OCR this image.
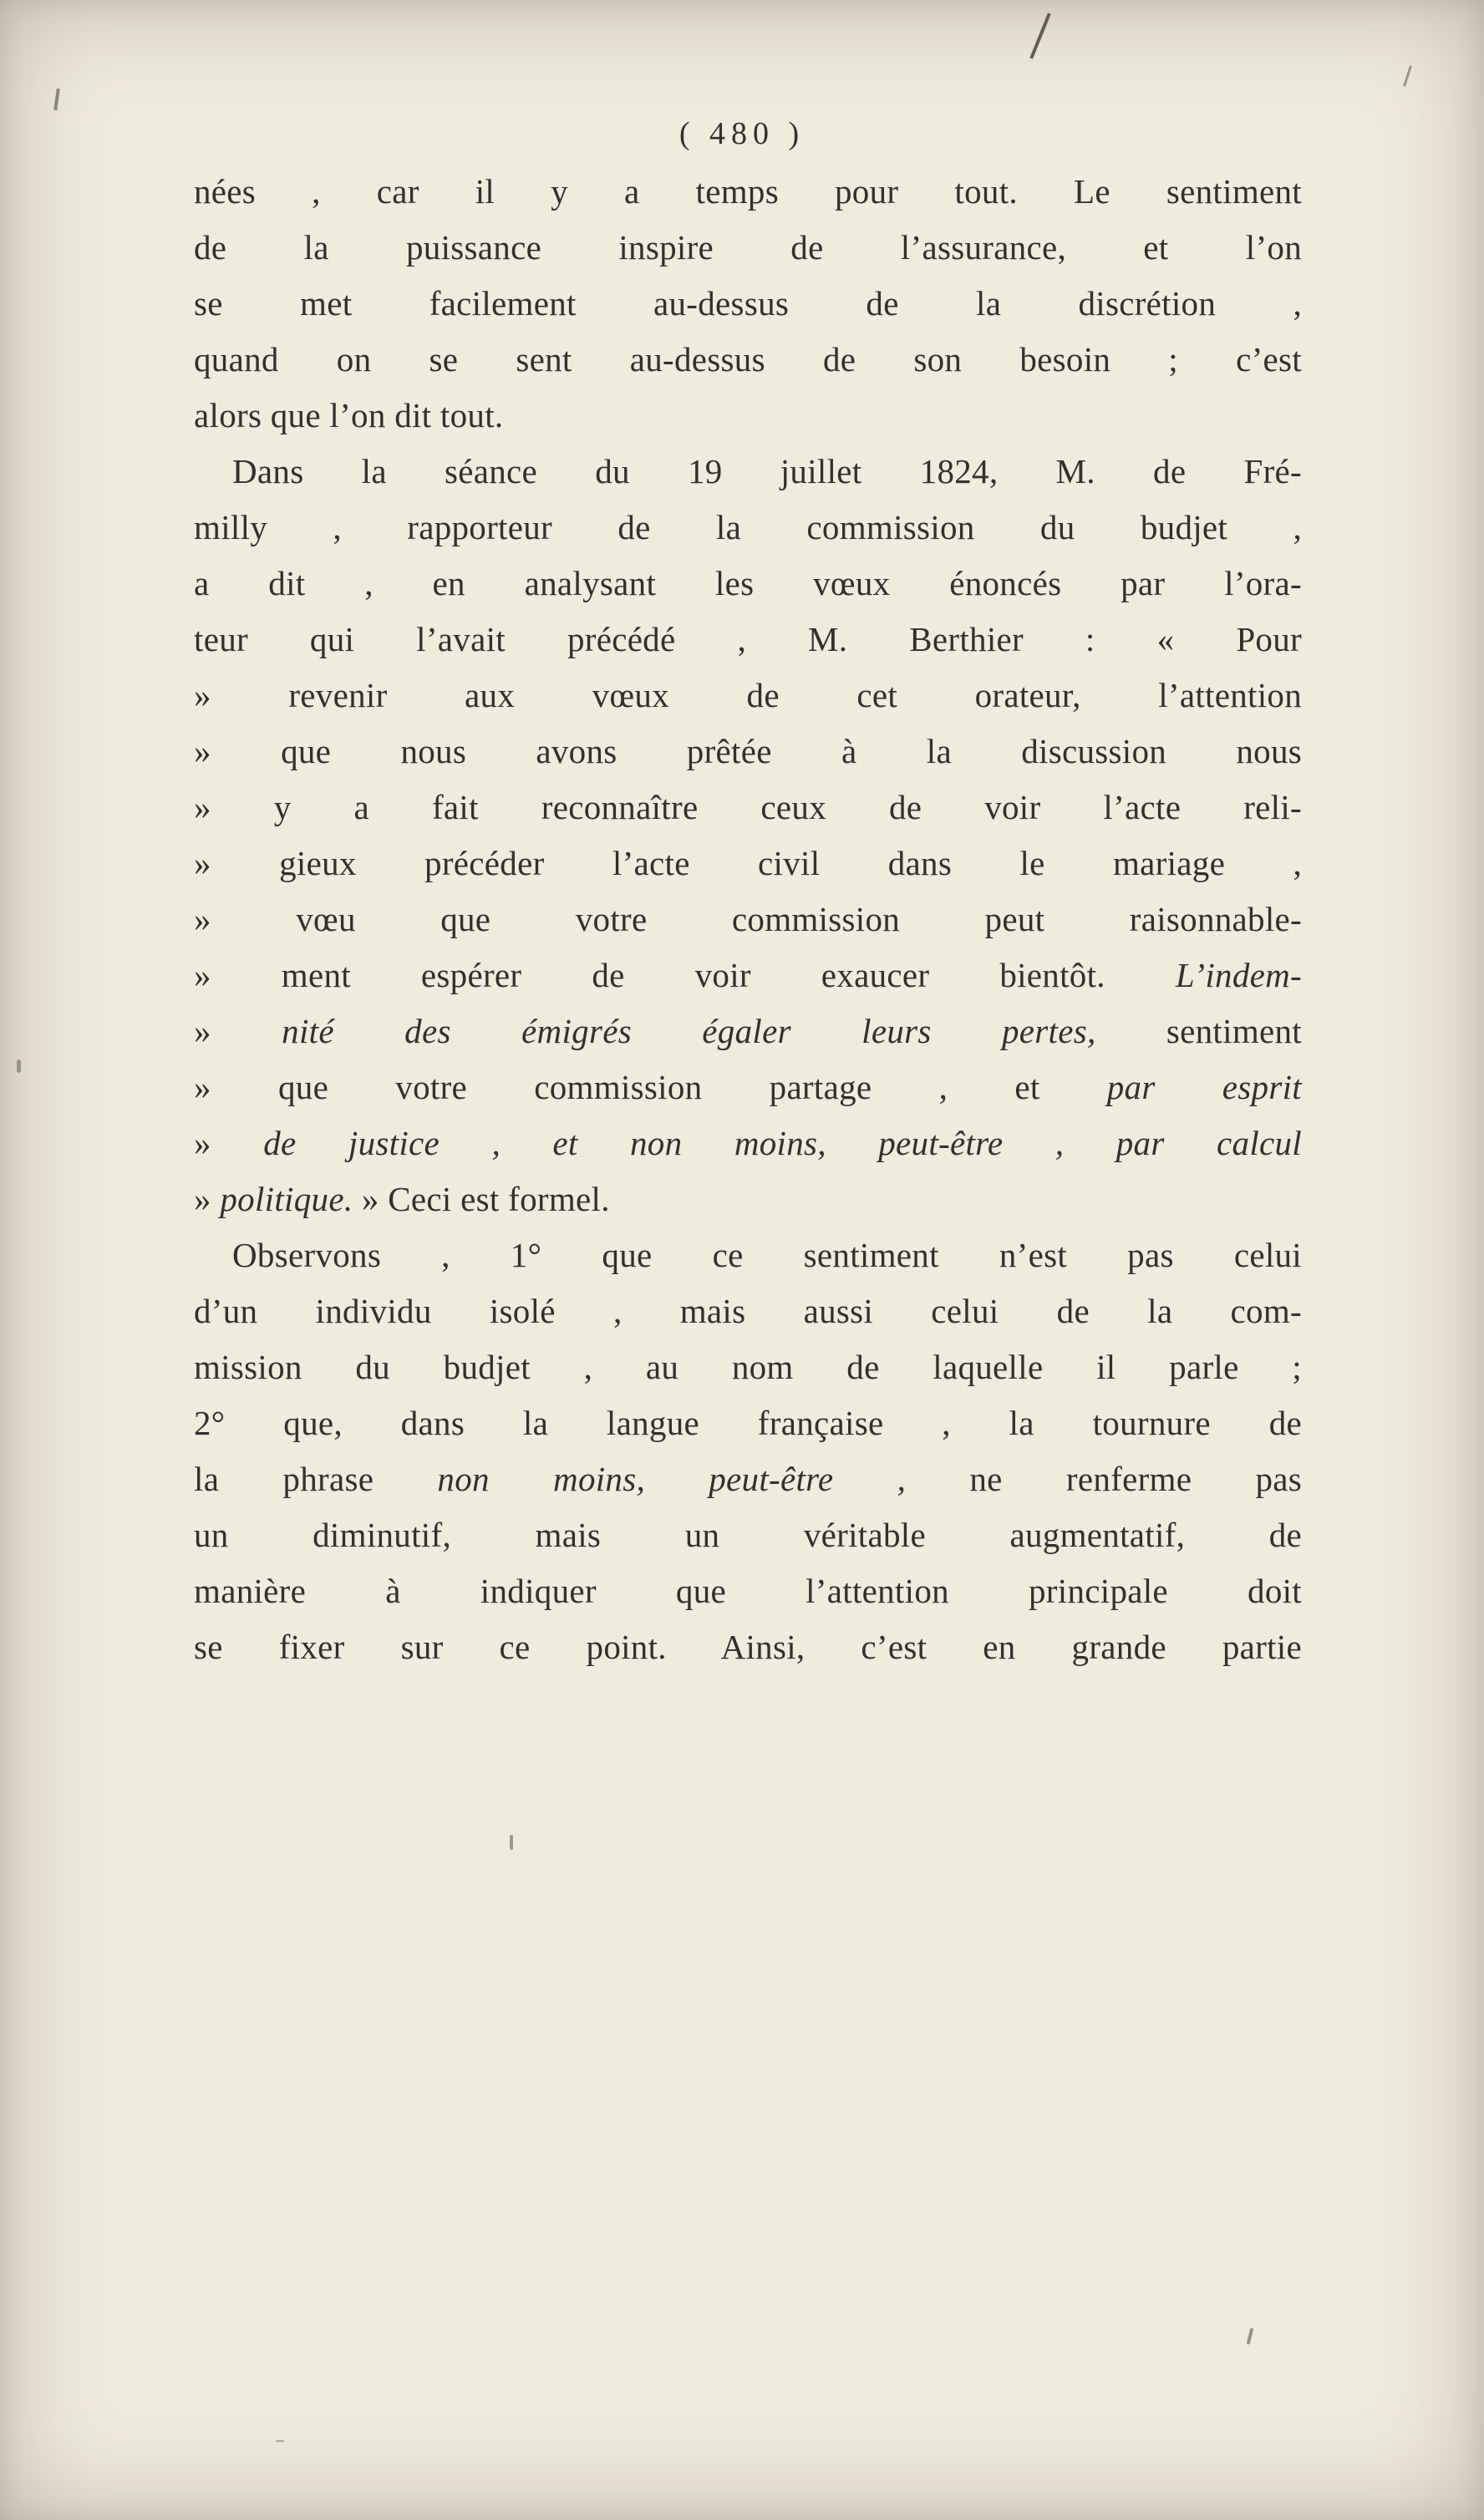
( 480 )
nées , car il y a temps pour tout. Le sentiment
de la puissance inspire de l’assurance, et l’on
se met facilement au-dessus de la discrétion ,
quand on se sent au-dessus de son besoin ; c’est
alors que l’on dit tout.
Dans la séance du 19 juillet 1824, M. de Fré-
milly , rapporteur de la commission du budjet ,
a dit , en analysant les vœux énoncés par l’ora-
teur qui l’avait précédé , M. Berthier : « Pour
» revenir aux vœux de cet orateur, l’attention
» que nous avons prêtée à la discussion nous
» y a fait reconnaître ceux de voir l’acte reli-
» gieux précéder l’acte civil dans le mariage ,
» vœu que votre commission peut raisonnable-
» ment espérer de voir exaucer bientôt. L’indem-
» nité des émigrés égaler leurs pertes, sentiment
» que votre commission partage , et par esprit
» de justice , et non moins, peut-être , par calcul
» politique. » Ceci est formel.
Observons , 1° que ce sentiment n’est pas celui
d’un individu isolé , mais aussi celui de la com-
mission du budjet , au nom de laquelle il parle ;
2° que, dans la langue française , la tournure de
la phrase non moins, peut-être , ne renferme pas
un diminutif, mais un véritable augmentatif, de
manière à indiquer que l’attention principale doit
se fixer sur ce point. Ainsi, c’est en grande partie
